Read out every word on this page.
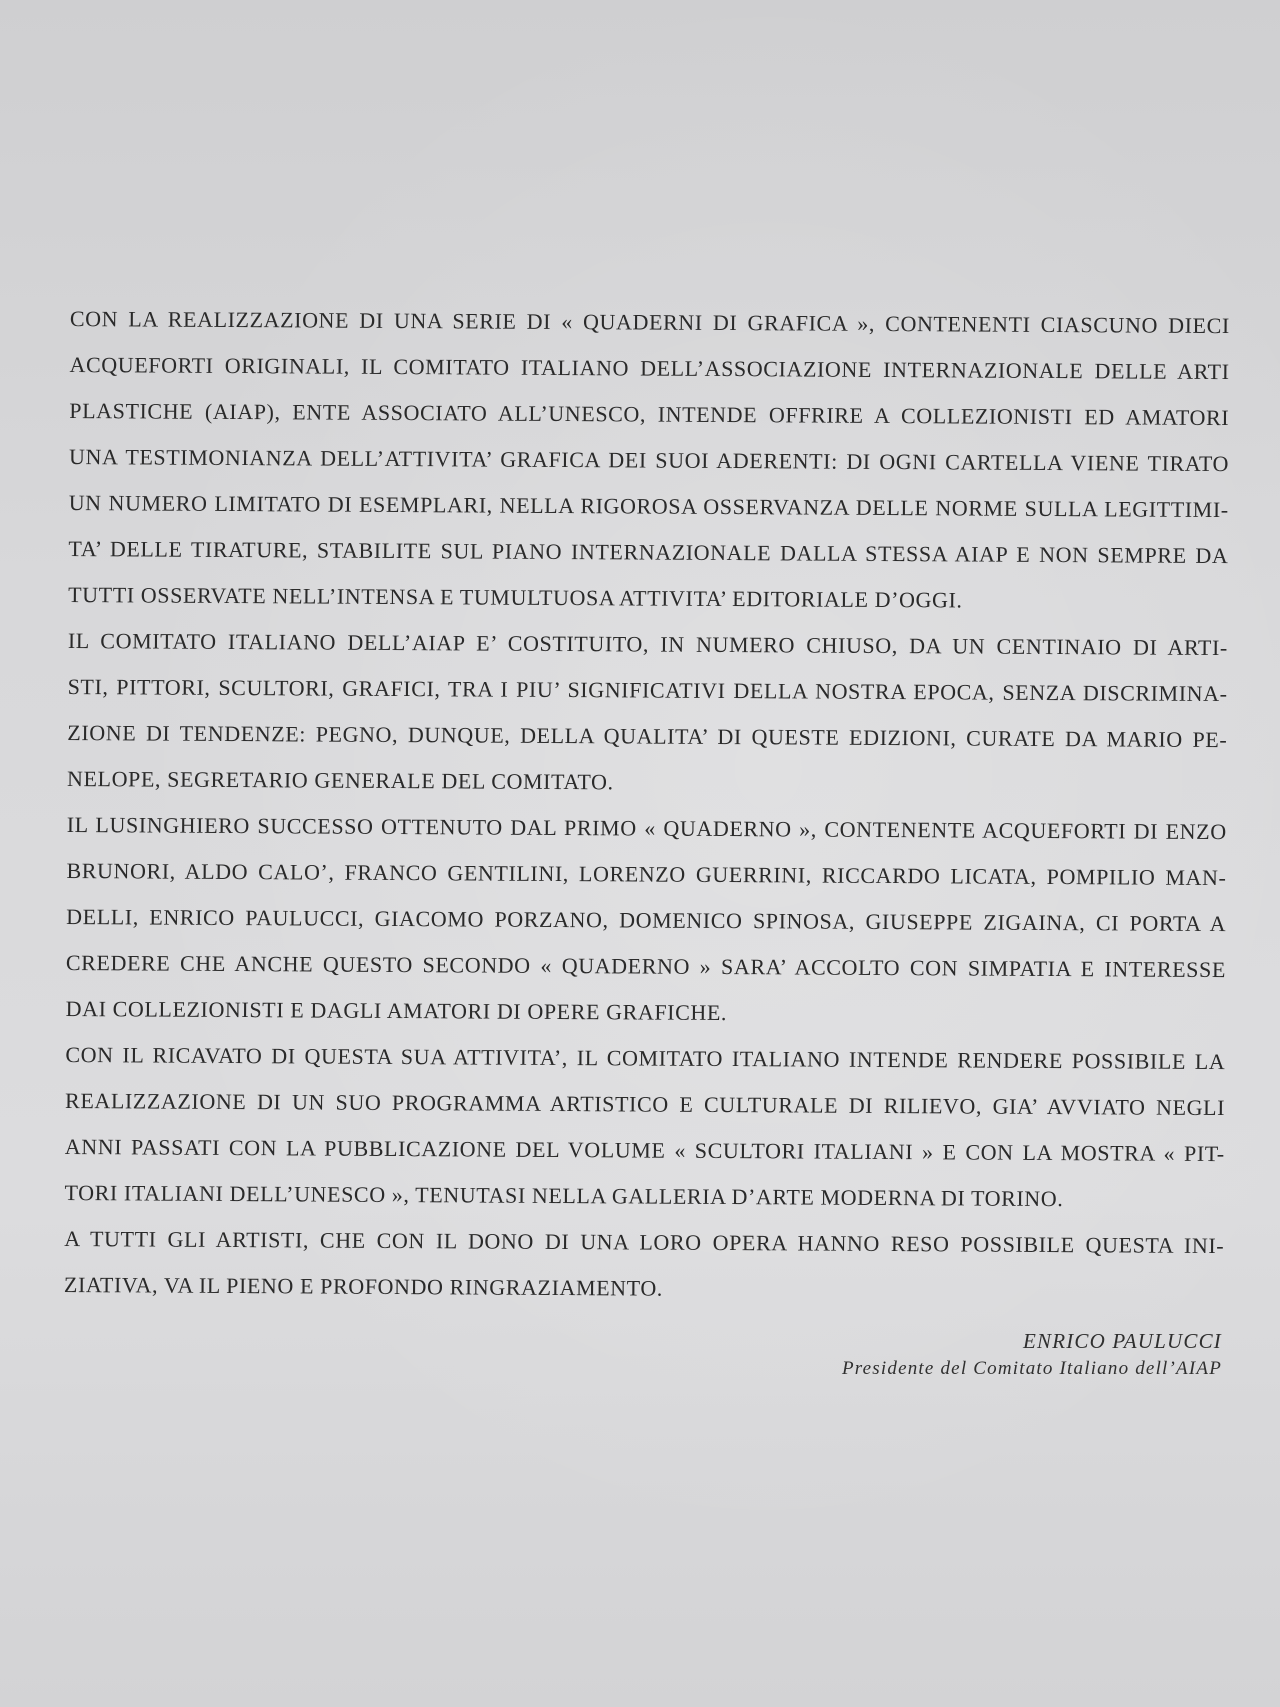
CON LA REALIZZAZIONE DI UNA SERIE DI « QUADERNI DI GRAFICA », CONTENENTI CIASCUNO DIECI
ACQUEFORTI ORIGINALI, IL COMITATO ITALIANO DELL’ASSOCIAZIONE INTERNAZIONALE DELLE ARTI
PLASTICHE (AIAP), ENTE ASSOCIATO ALL’UNESCO, INTENDE OFFRIRE A COLLEZIONISTI ED AMATORI
UNA TESTIMONIANZA DELL’ATTIVITA’ GRAFICA DEI SUOI ADERENTI: DI OGNI CARTELLA VIENE TIRATO
UN NUMERO LIMITATO DI ESEMPLARI, NELLA RIGOROSA OSSERVANZA DELLE NORME SULLA LEGITTIMI-
TA’ DELLE TIRATURE, STABILITE SUL PIANO INTERNAZIONALE DALLA STESSA AIAP E NON SEMPRE DA
TUTTI OSSERVATE NELL’INTENSA E TUMULTUOSA ATTIVITA’ EDITORIALE D’OGGI.
IL COMITATO ITALIANO DELL’AIAP E’ COSTITUITO, IN NUMERO CHIUSO, DA UN CENTINAIO DI ARTI-
STI, PITTORI, SCULTORI, GRAFICI, TRA I PIU’ SIGNIFICATIVI DELLA NOSTRA EPOCA, SENZA DISCRIMINA-
ZIONE DI TENDENZE: PEGNO, DUNQUE, DELLA QUALITA’ DI QUESTE EDIZIONI, CURATE DA MARIO PE-
NELOPE, SEGRETARIO GENERALE DEL COMITATO.
IL LUSINGHIERO SUCCESSO OTTENUTO DAL PRIMO « QUADERNO », CONTENENTE ACQUEFORTI DI ENZO
BRUNORI, ALDO CALO’, FRANCO GENTILINI, LORENZO GUERRINI, RICCARDO LICATA, POMPILIO MAN-
DELLI, ENRICO PAULUCCI, GIACOMO PORZANO, DOMENICO SPINOSA, GIUSEPPE ZIGAINA, CI PORTA A
CREDERE CHE ANCHE QUESTO SECONDO « QUADERNO » SARA’ ACCOLTO CON SIMPATIA E INTERESSE
DAI COLLEZIONISTI E DAGLI AMATORI DI OPERE GRAFICHE.
CON IL RICAVATO DI QUESTA SUA ATTIVITA’, IL COMITATO ITALIANO INTENDE RENDERE POSSIBILE LA
REALIZZAZIONE DI UN SUO PROGRAMMA ARTISTICO E CULTURALE DI RILIEVO, GIA’ AVVIATO NEGLI
ANNI PASSATI CON LA PUBBLICAZIONE DEL VOLUME « SCULTORI ITALIANI » E CON LA MOSTRA « PIT-
TORI ITALIANI DELL’UNESCO », TENUTASI NELLA GALLERIA D’ARTE MODERNA DI TORINO.
A TUTTI GLI ARTISTI, CHE CON IL DONO DI UNA LORO OPERA HANNO RESO POSSIBILE QUESTA INI-
ZIATIVA, VA IL PIENO E PROFONDO RINGRAZIAMENTO.
ENRICO PAULUCCI
Presidente del Comitato Italiano dell’AIAP
